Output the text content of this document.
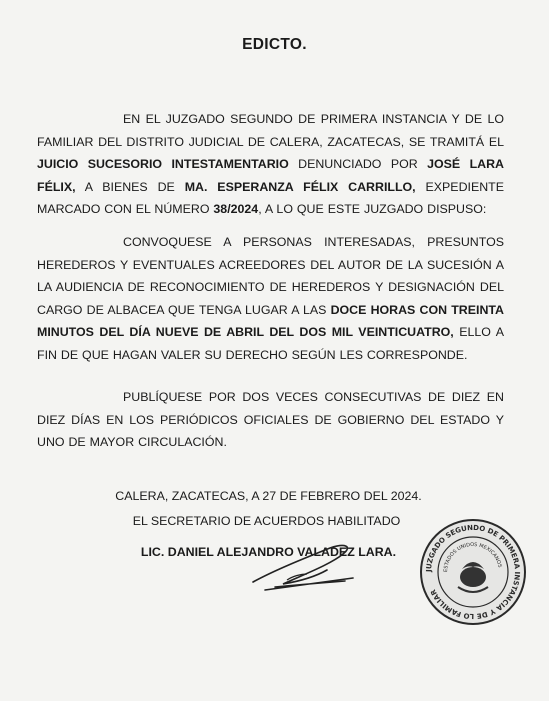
EDICTO.
EN EL JUZGADO SEGUNDO DE PRIMERA INSTANCIA Y DE LO FAMILIAR DEL DISTRITO JUDICIAL DE CALERA, ZACATECAS, SE TRAMITÁ EL JUICIO SUCESORIO INTESTAMENTARIO DENUNCIADO POR JOSÉ LARA FÉLIX, A BIENES DE MA. ESPERANZA FÉLIX CARRILLO, EXPEDIENTE MARCADO CON EL NÚMERO 38/2024, A LO QUE ESTE JUZGADO DISPUSO:
CONVOQUESE A PERSONAS INTERESADAS, PRESUNTOS HEREDEROS Y EVENTUALES ACREEDORES DEL AUTOR DE LA SUCESIÓN A LA AUDIENCIA DE RECONOCIMIENTO DE HEREDEROS Y DESIGNACIÓN DEL CARGO DE ALBACEA QUE TENGA LUGAR A LAS DOCE HORAS CON TREINTA MINUTOS DEL DÍA NUEVE DE ABRIL DEL DOS MIL VEINTICUATRO, ELLO A FIN DE QUE HAGAN VALER SU DERECHO SEGÚN LES CORRESPONDE.
PUBLÍQUESE POR DOS VECES CONSECUTIVAS DE DIEZ EN DIEZ DÍAS EN LOS PERIÓDICOS OFICIALES DE GOBIERNO DEL ESTADO Y UNO DE MAYOR CIRCULACIÓN.
CALERA, ZACATECAS, A 27 DE FEBRERO DEL 2024.
EL SECRETARIO DE ACUERDOS HABILITADO
LIC. DANIEL ALEJANDRO VALADEZ LARA.
JUZGADO SEGUNDO DE PRIMERA INSTANCIA Y DE LO FAMILIAR
ESTADOS UNIDOS MEXICANOS
